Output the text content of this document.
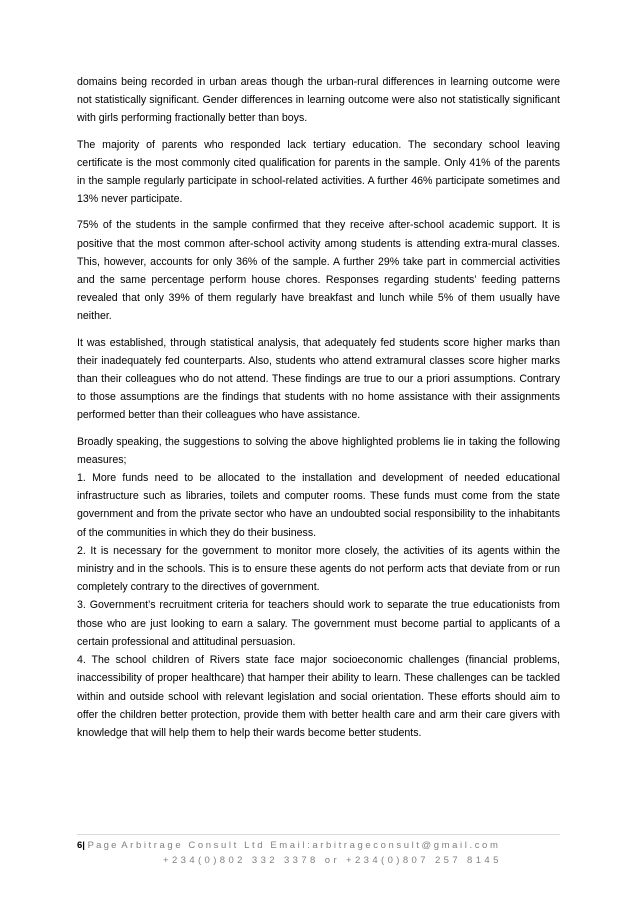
domains being recorded in urban areas though the urban-rural differences in learning outcome were not statistically significant. Gender differences in learning outcome were also not statistically significant with girls performing fractionally better than boys.

The majority of parents who responded lack tertiary education. The secondary school leaving certificate is the most commonly cited qualification for parents in the sample. Only 41% of the parents in the sample regularly participate in school-related activities. A further 46% participate sometimes and 13% never participate.

75% of the students in the sample confirmed that they receive after-school academic support. It is positive that the most common after-school activity among students is attending extra-mural classes. This, however, accounts for only 36% of the sample. A further 29% take part in commercial activities and the same percentage perform house chores. Responses regarding students’ feeding patterns revealed that only 39% of them regularly have breakfast and lunch while 5% of them usually have neither.

It was established, through statistical analysis, that adequately fed students score higher marks than their inadequately fed counterparts. Also, students who attend extramural classes score higher marks than their colleagues who do not attend. These findings are true to our a priori assumptions. Contrary to those assumptions are the findings that students with no home assistance with their assignments performed better than their colleagues who have assistance.

Broadly speaking, the suggestions to solving the above highlighted problems lie in taking the following measures;

1. More funds need to be allocated to the installation and development of needed educational infrastructure such as libraries, toilets and computer rooms. These funds must come from the state government and from the private sector who have an undoubted social responsibility to the inhabitants of the communities in which they do their business.

2. It is necessary for the government to monitor more closely, the activities of its agents within the ministry and in the schools. This is to ensure these agents do not perform acts that deviate from or run completely contrary to the directives of government.

3. Government’s recruitment criteria for teachers should work to separate the true educationists from those who are just looking to earn a salary. The government must become partial to applicants of a certain professional and attitudinal persuasion.

4. The school children of Rivers state face major socioeconomic challenges (financial problems, inaccessibility of proper healthcare) that hamper their ability to learn. These challenges can be tackled within and outside school with relevant legislation and social orientation. These efforts should aim to offer the children better protection, provide them with better health care and arm their care givers with knowledge that will help them to help their wards become better students.

6| Page Arbitrage Consult Ltd Email:arbitrageconsult@gmail.com
+234(0)802 332 3378 or +234(0)807 257 8145
